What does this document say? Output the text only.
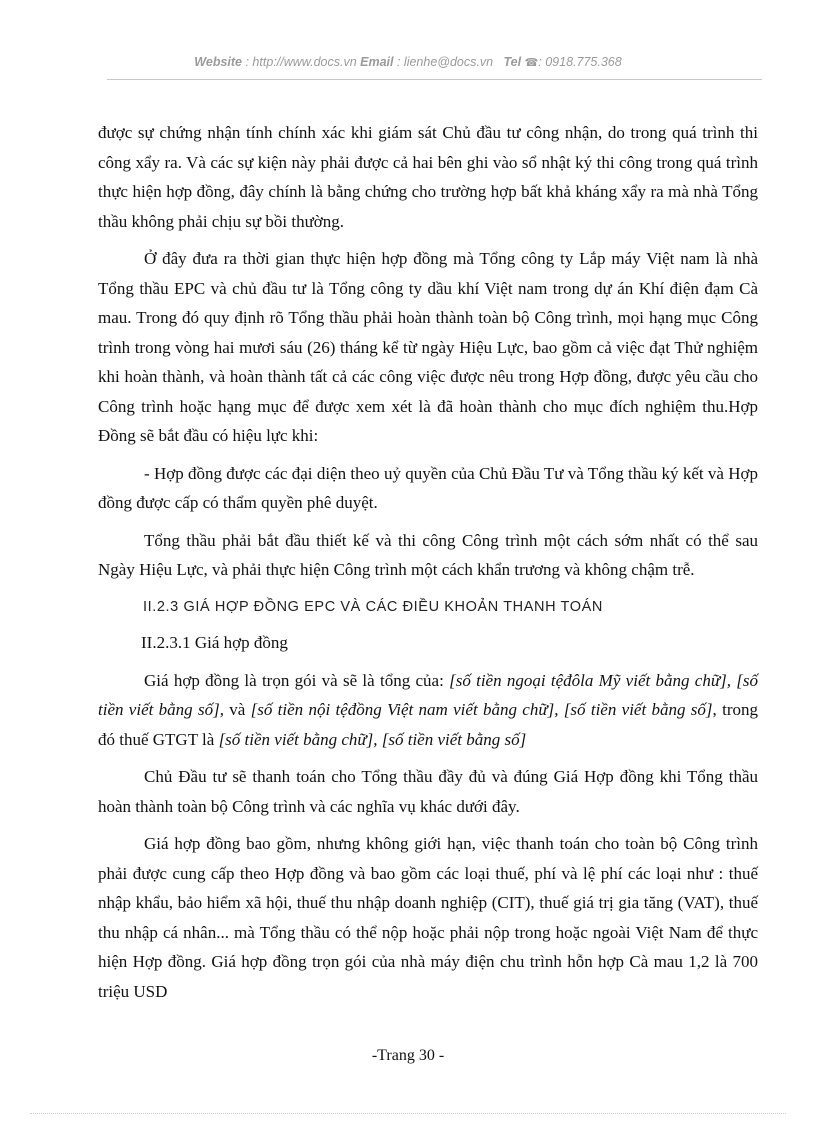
Website : http://www.docs.vn Email : lienhe@docs.vn Tel ☎: 0918.775.368

được sự chứng nhận tính chính xác khi giám sát Chủ đầu tư công nhận, do trong quá trình thi công xẩy ra. Và các sự kiện này phải được cả hai bên ghi vào sổ nhật ký thi công trong quá trình thực hiện hợp đồng, đây chính là bằng chứng cho trường hợp bất khả kháng xẩy ra mà nhà Tổng thầu không phải chịu sự bồi thường.

Ở đây đưa ra thời gian thực hiện hợp đồng mà Tổng công ty Lắp máy Việt nam là nhà Tổng thầu EPC và chủ đầu tư là Tổng công ty dầu khí Việt nam trong dự án Khí điện đạm Cà mau. Trong đó quy định rõ Tổng thầu phải hoàn thành toàn bộ Công trình, mọi hạng mục Công trình trong vòng hai mươi sáu (26) tháng kể từ ngày Hiệu Lực, bao gồm cả việc đạt Thử nghiệm khi hoàn thành, và hoàn thành tất cả các công việc được nêu trong Hợp đồng, được yêu cầu cho Công trình hoặc hạng mục để được xem xét là đã hoàn thành cho mục đích nghiệm thu.Hợp Đồng sẽ bắt đầu có hiệu lực khi:

- Hợp đồng được các đại diện theo uỷ quyền của Chủ Đầu Tư và Tổng thầu ký kết và Hợp đồng được cấp có thẩm quyền phê duyệt.

Tổng thầu phải bắt đầu thiết kế và thi công Công trình một cách sớm nhất có thể sau Ngày Hiệu Lực, và phải thực hiện Công trình một cách khẩn trương và không chậm trễ.

II.2.3 GIÁ HỢP ĐỒNG EPC VÀ CÁC ĐIỀU KHOẢN THANH TOÁN

II.2.3.1 Giá hợp đồng

Giá hợp đồng là trọn gói và sẽ là tổng của: [số tiền ngoại tệđôla Mỹ viết bằng chữ], [số tiền viết bằng số], và [số tiền nội tệđồng Việt nam viết bằng chữ], [số tiền viết bằng số], trong đó thuế GTGT là [số tiền viết bằng chữ], [số tiền viết bằng số]

Chủ Đầu tư sẽ thanh toán cho Tổng thầu đầy đủ và đúng Giá Hợp đồng khi Tổng thầu hoàn thành toàn bộ Công trình và các nghĩa vụ khác dưới đây.

Giá hợp đồng bao gồm, nhưng không giới hạn, việc thanh toán cho toàn bộ Công trình phải được cung cấp theo Hợp đồng và bao gồm các loại thuế, phí và lệ phí các loại như : thuế nhập khẩu, bảo hiểm xã hội, thuế thu nhập doanh nghiệp (CIT), thuế giá trị gia tăng (VAT), thuế thu nhập cá nhân... mà Tổng thầu có thể nộp hoặc phải nộp trong hoặc ngoài Việt Nam để thực hiện Hợp đồng. Giá hợp đồng trọn gói của nhà máy điện chu trình hỗn hợp Cà mau 1,2 là 700 triệu USD

-Trang 30 -
